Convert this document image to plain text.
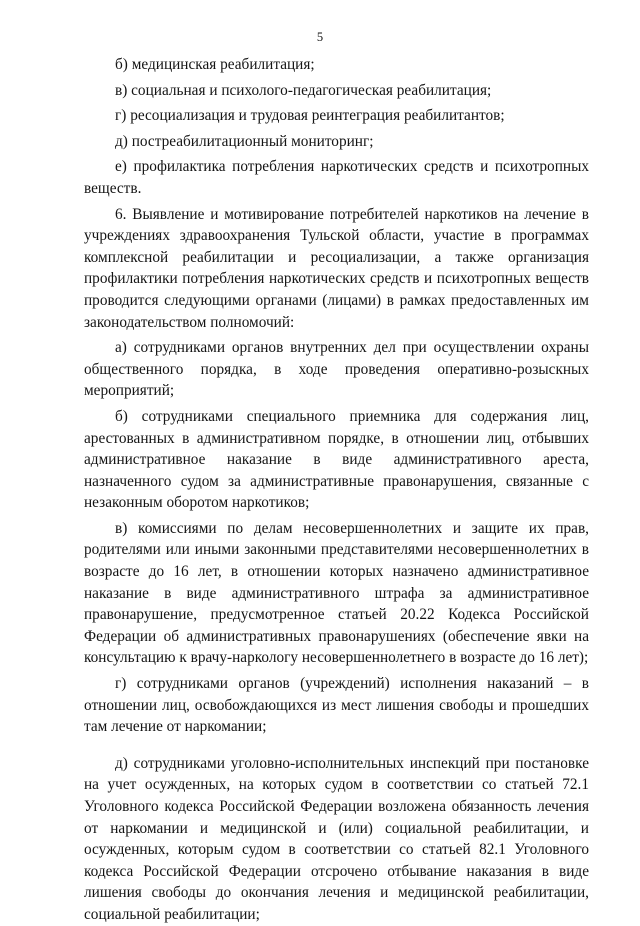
5

б) медицинская реабилитация;

в) социальная и психолого-педагогическая реабилитация;

г) ресоциализация и трудовая реинтеграция реабилитантов;

д) постреабилитационный мониторинг;

е) профилактика потребления наркотических средств и психотропных веществ.

6. Выявление и мотивирование потребителей наркотиков на лечение в учреждениях здравоохранения Тульской области, участие в программах комплексной реабилитации и ресоциализации, а также организация профилактики потребления наркотических средств и психотропных веществ проводится следующими органами (лицами) в рамках предоставленных им законодательством полномочий:

а) сотрудниками органов внутренних дел при осуществлении охраны общественного порядка, в ходе проведения оперативно-розыскных мероприятий;

б) сотрудниками специального приемника для содержания лиц, арестованных в административном порядке, в отношении лиц, отбывших административное наказание в виде административного ареста, назначенного судом за административные правонарушения, связанные с незаконным оборотом наркотиков;

в) комиссиями по делам несовершеннолетних и защите их прав, родителями или иными законными представителями несовершеннолетних в возрасте до 16 лет, в отношении которых назначено административное наказание в виде административного штрафа за административное правонарушение, предусмотренное статьей 20.22 Кодекса Российской Федерации об административных правонарушениях (обеспечение явки на консультацию к врачу-наркологу несовершеннолетнего в возрасте до 16 лет);

г) сотрудниками органов (учреждений) исполнения наказаний – в отношении лиц, освобождающихся из мест лишения свободы и прошедших там лечение от наркомании;

д) сотрудниками уголовно-исполнительных инспекций при постановке на учет осужденных, на которых судом в соответствии со статьей 72.1 Уголовного кодекса Российской Федерации возложена обязанность лечения от наркомании и медицинской и (или) социальной реабилитации, и осужденных, которым судом в соответствии со статьей 82.1 Уголовного кодекса Российской Федерации отсрочено отбывание наказания в виде лишения свободы до окончания лечения и медицинской реабилитации, социальной реабилитации;
